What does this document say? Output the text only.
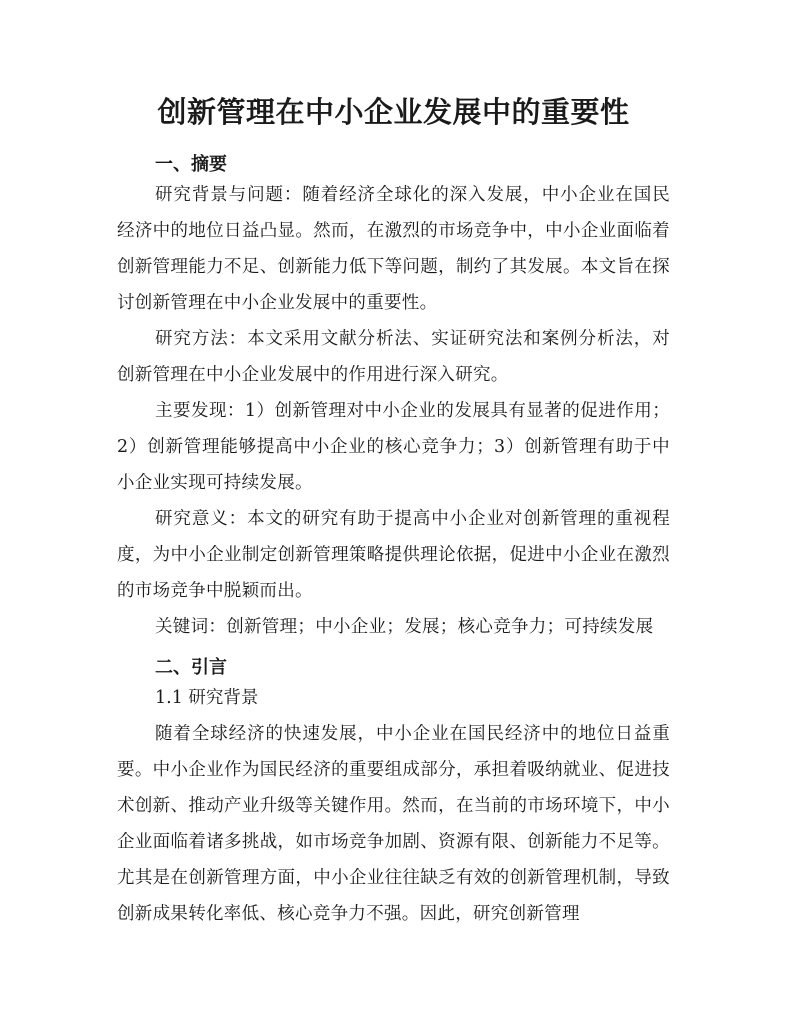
创新管理在中小企业发展中的重要性
一、摘要

研究背景与问题：随着经济全球化的深入发展，中小企业在国民经济中的地位日益凸显。然而，在激烈的市场竞争中，中小企业面临着创新管理能力不足、创新能力低下等问题，制约了其发展。本文旨在探讨创新管理在中小企业发展中的重要性。

研究方法：本文采用文献分析法、实证研究法和案例分析法，对创新管理在中小企业发展中的作用进行深入研究。

主要发现：1）创新管理对中小企业的发展具有显著的促进作用；2）创新管理能够提高中小企业的核心竞争力；3）创新管理有助于中小企业实现可持续发展。

研究意义：本文的研究有助于提高中小企业对创新管理的重视程度，为中小企业制定创新管理策略提供理论依据，促进中小企业在激烈的市场竞争中脱颖而出。

关键词：创新管理；中小企业；发展；核心竞争力；可持续发展

二、引言

1.1 研究背景

随着全球经济的快速发展，中小企业在国民经济中的地位日益重要。中小企业作为国民经济的重要组成部分，承担着吸纳就业、促进技术创新、推动产业升级等关键作用。然而，在当前的市场环境下，中小企业面临着诸多挑战，如市场竞争加剧、资源有限、创新能力不足等。尤其是在创新管理方面，中小企业往往缺乏有效的创新管理机制，导致创新成果转化率低、核心竞争力不强。因此，研究创新管理
